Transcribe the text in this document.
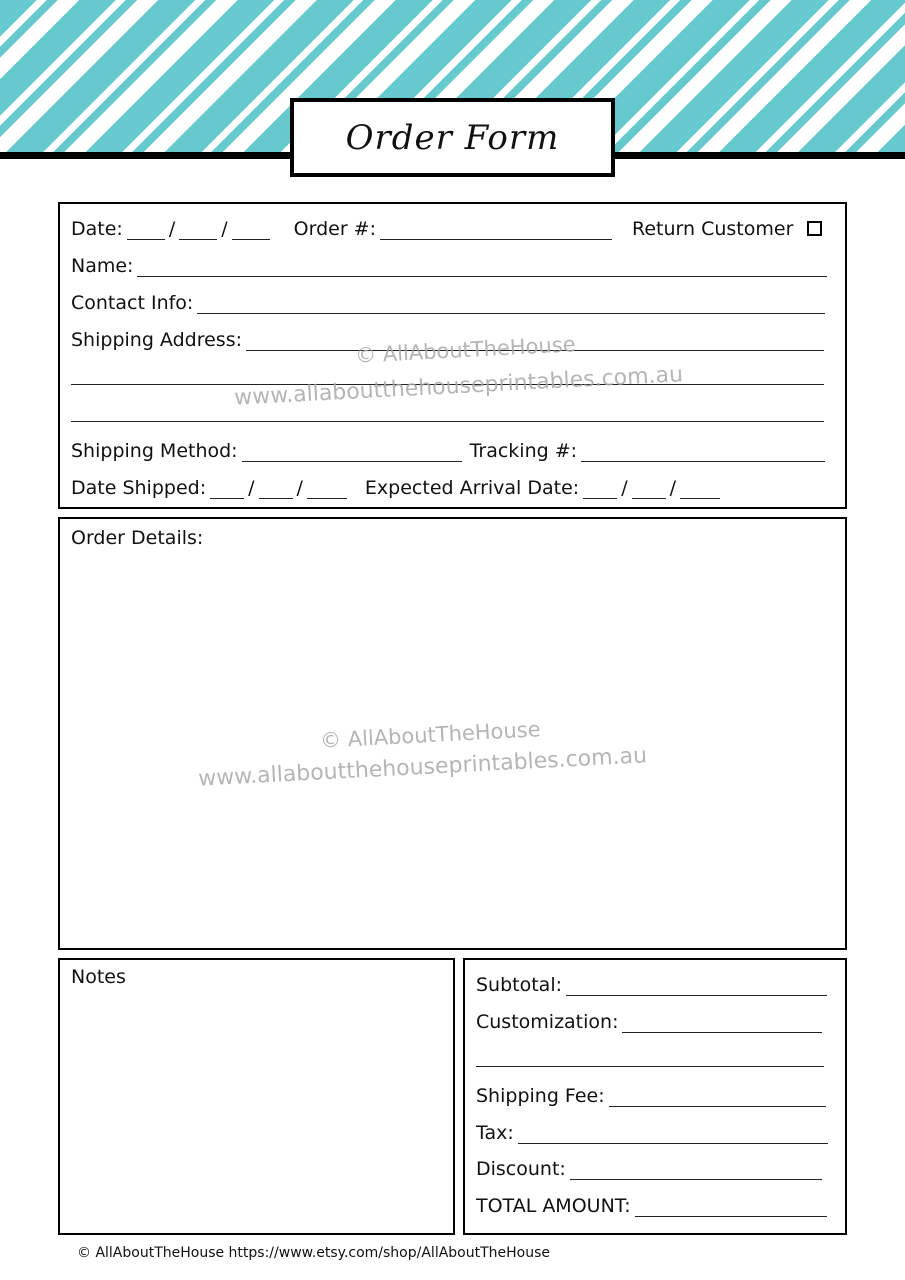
Order Form
Date: / /	Order #:	Return Customer
Name:
Contact Info:
Shipping Address:
Shipping Method:	Tracking #:
Date Shipped: / /	Expected Arrival Date: / /
Order Details:
Notes	Subtotal:
Customization:
Shipping Fee:
Tax:
Discount:
TOTAL AMOUNT:
© AllAboutTheHouse
www.allaboutthehouseprintables.com.au
© AllAboutTheHouse
www.allaboutthehouseprintables.com.au
© AllAboutTheHouse https://www.etsy.com/shop/AllAboutTheHouse
